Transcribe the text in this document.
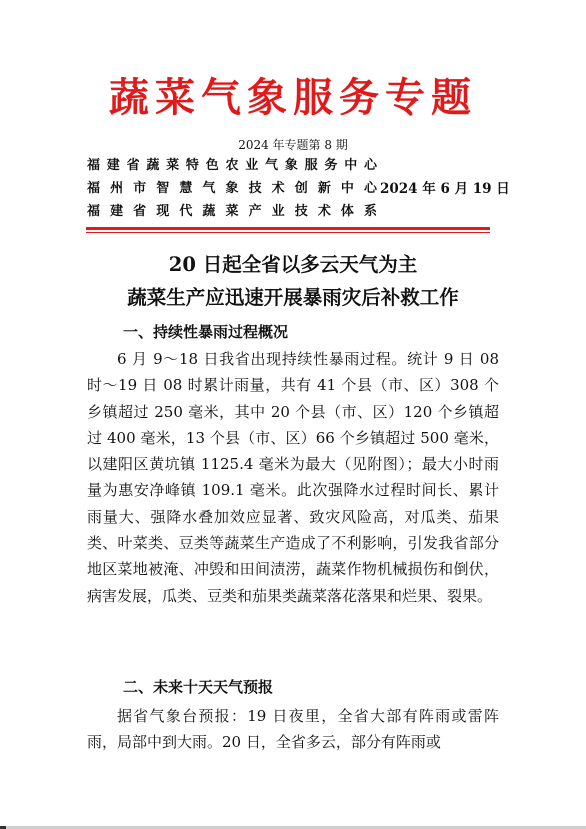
蔬菜气象服务专题
2024 年专题第 8 期
福建省蔬菜特色农业气象服务中心
福州市智慧气象技术创新中心
福建省现代蔬菜产业技术体系
2024 年 6 月 19 日
20 日起全省以多云天气为主
蔬菜生产应迅速开展暴雨灾后补救工作
一、持续性暴雨过程概况
6 月 9～18 日我省出现持续性暴雨过程。统计 9 日 08 时～19 日 08 时累计雨量，共有 41 个县（市、区）308 个乡镇超过 250 毫米，其中 20 个县（市、区）120 个乡镇超过 400 毫米，13 个县（市、区）66 个乡镇超过 500 毫米，以建阳区黄坑镇 1125.4 毫米为最大（见附图）；最大小时雨量为惠安净峰镇 109.1 毫米。此次强降水过程时间长、累计雨量大、强降水叠加效应显著、致灾风险高，对瓜类、茄果类、叶菜类、豆类等蔬菜生产造成了不利影响，引发我省部分地区菜地被淹、冲毁和田间渍涝，蔬菜作物机械损伤和倒伏，病害发展，瓜类、豆类和茄果类蔬菜落花落果和烂果、裂果。
二、未来十天天气预报
据省气象台预报：19 日夜里，全省大部有阵雨或雷阵雨，局部中到大雨。20 日，全省多云，部分有阵雨或
